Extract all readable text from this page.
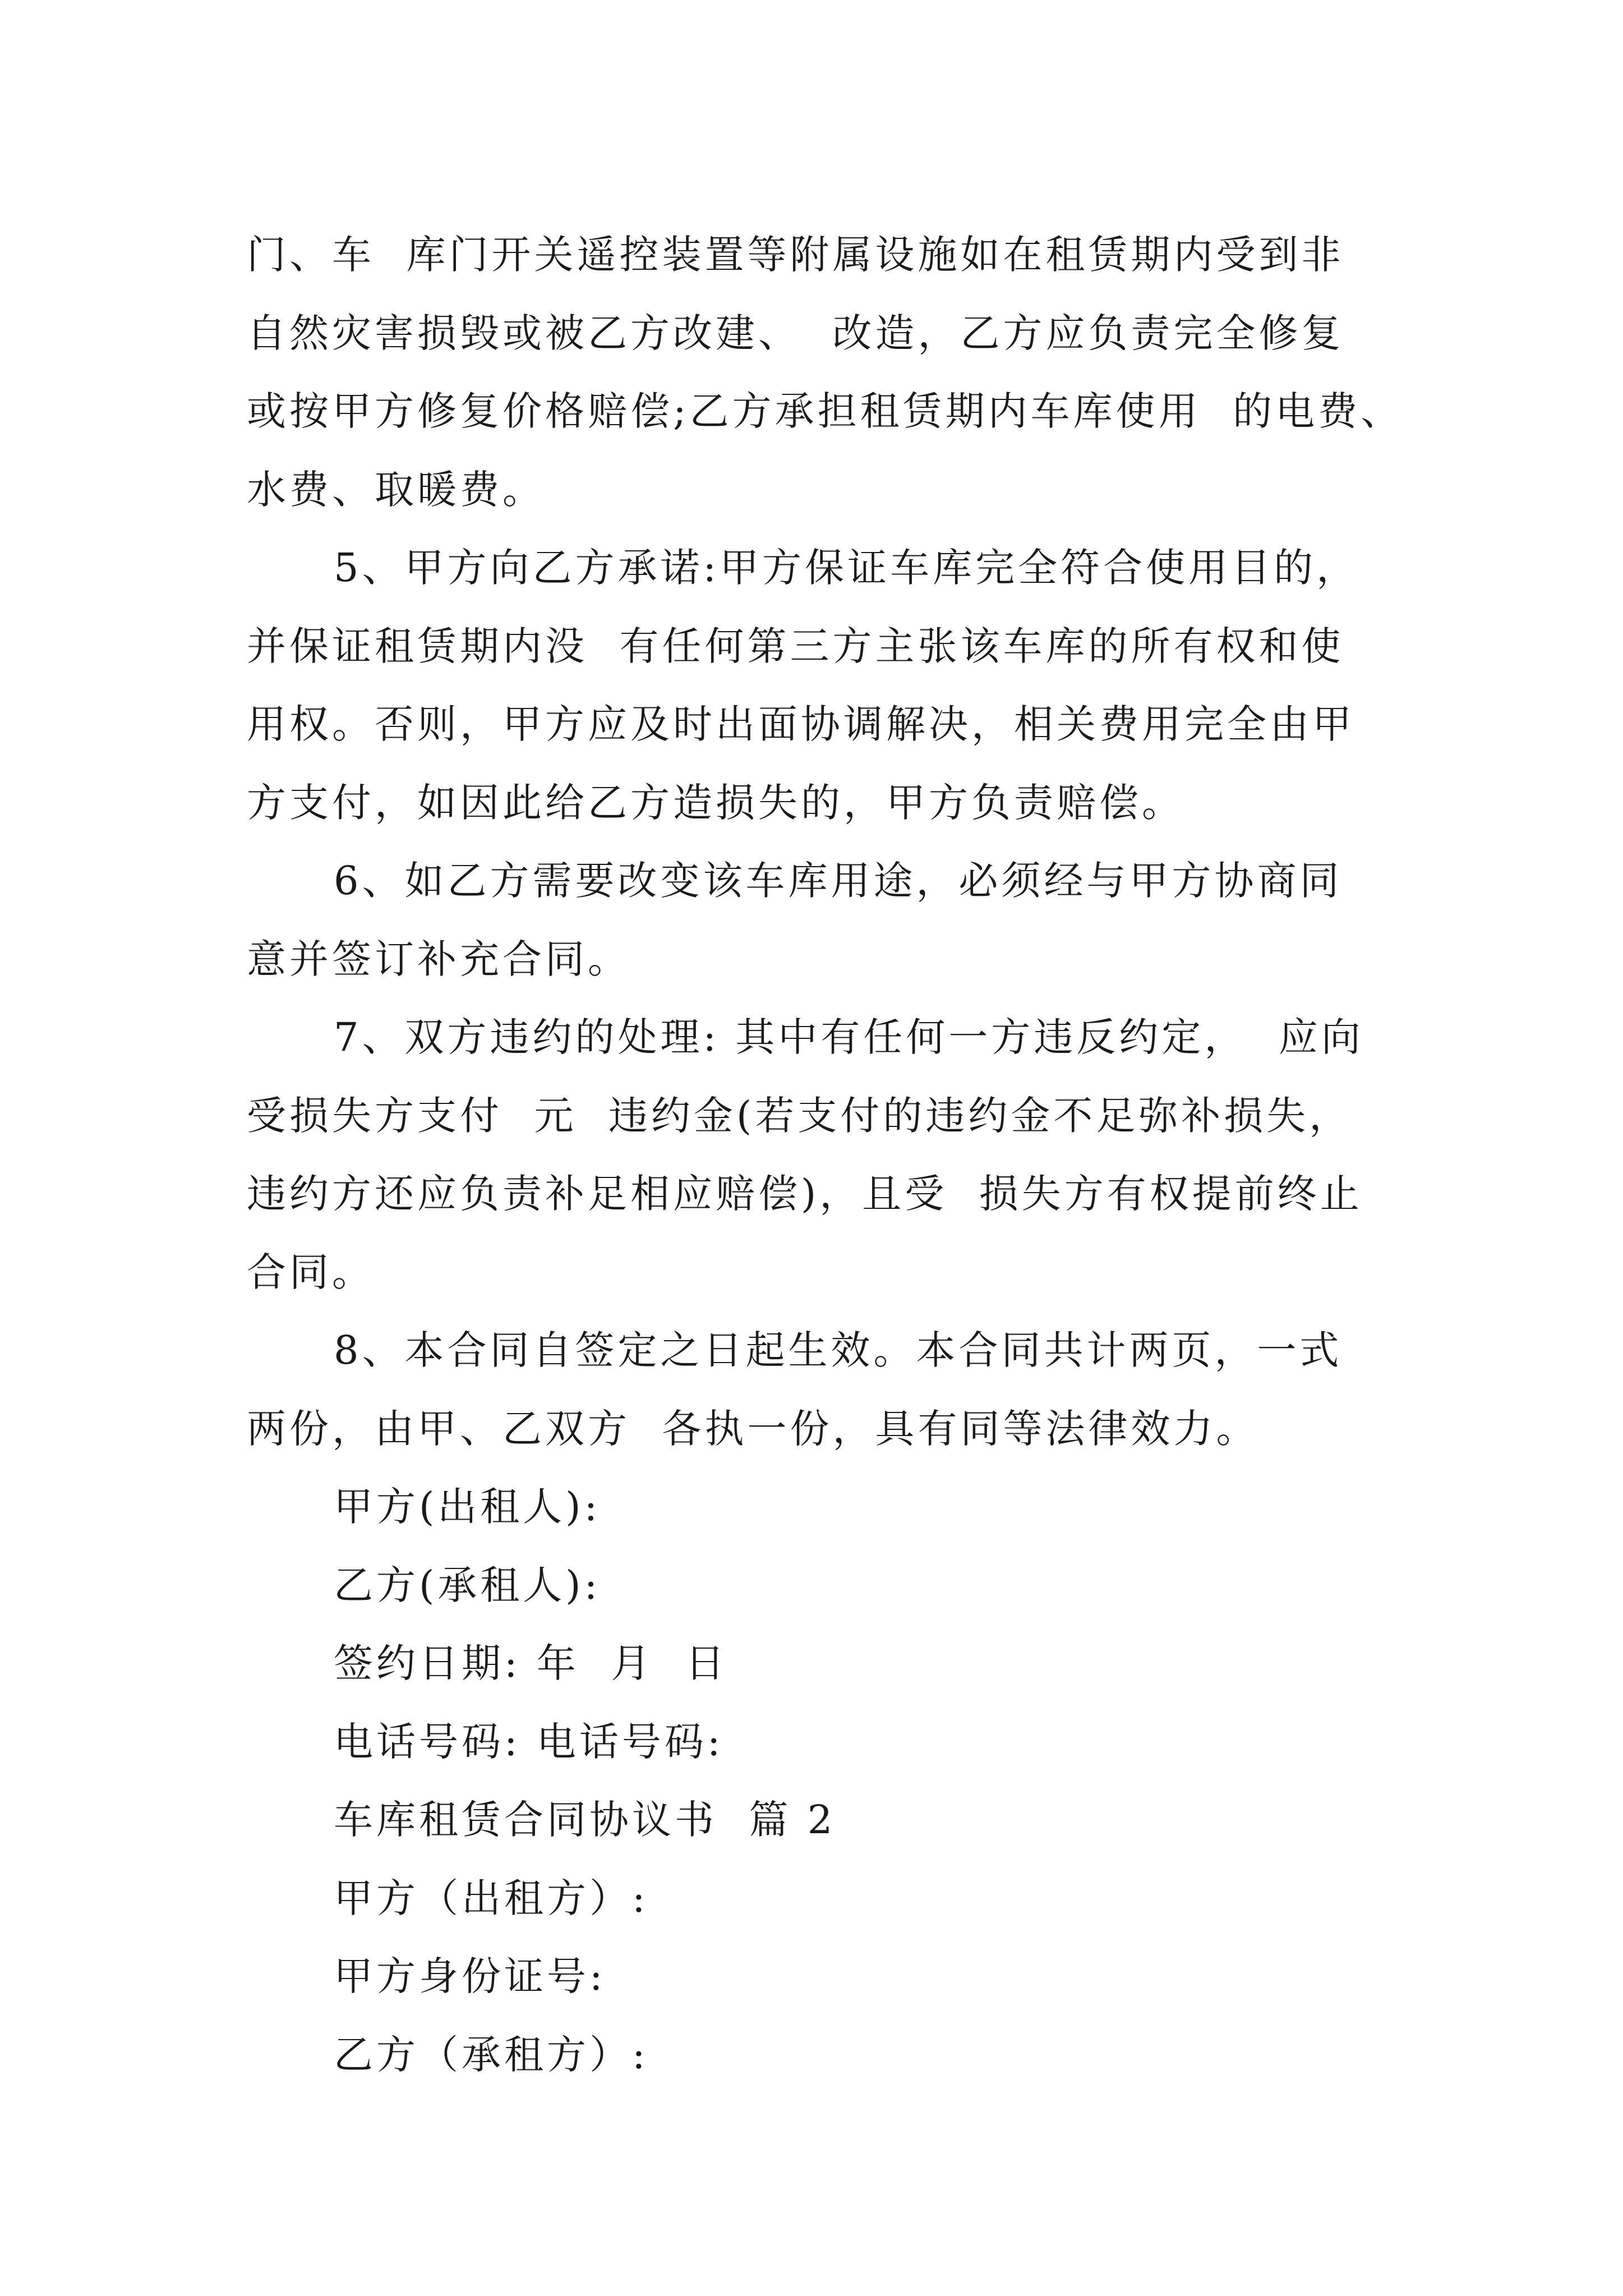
门、车  库门开关遥控装置等附属设施如在租赁期内受到非
自然灾害损毁或被乙方改建、  改造，乙方应负责完全修复
或按甲方修复价格赔偿;乙方承担租赁期内车库使用  的电费、
水费、取暖费。
5、甲方向乙方承诺:甲方保证车库完全符合使用目的，
并保证租赁期内没  有任何第三方主张该车库的所有权和使
用权。否则，甲方应及时出面协调解决，相关费用完全由甲
方支付，如因此给乙方造损失的，甲方负责赔偿。
6、如乙方需要改变该车库用途，必须经与甲方协商同
意并签订补充合同。
7、双方违约的处理: 其中有任何一方违反约定，  应向
受损失方支付  元  违约金(若支付的违约金不足弥补损失，
违约方还应负责补足相应赔偿)，且受  损失方有权提前终止
合同。
8、本合同自签定之日起生效。本合同共计两页，一式
两份，由甲、乙双方  各执一份，具有同等法律效力。
甲方(出租人):
乙方(承租人):
签约日期: 年  月  日
电话号码: 电话号码:
车库租赁合同协议书  篇 2
甲方（出租方）:
甲方身份证号:
乙方（承租方）:
